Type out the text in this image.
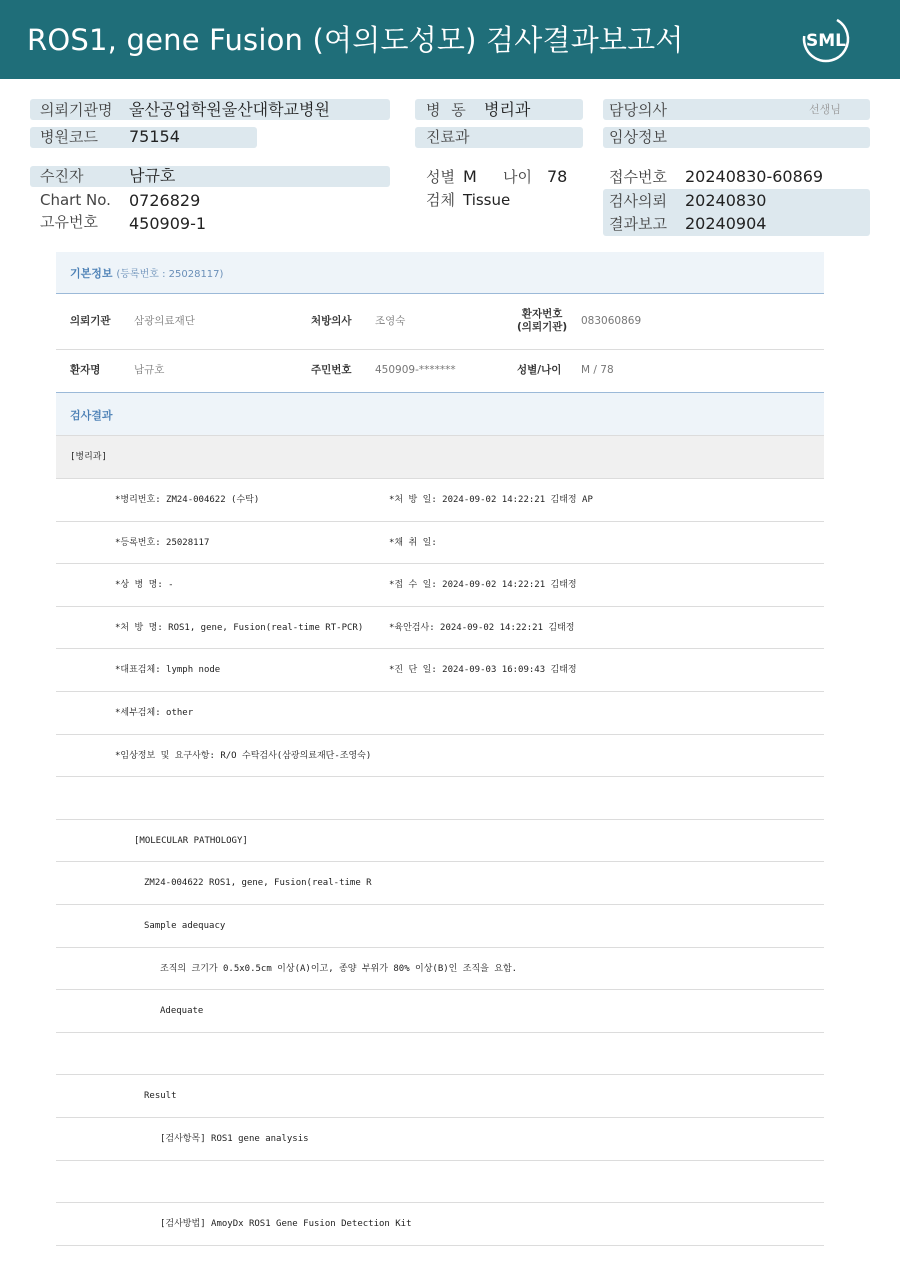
ROS1, gene Fusion (여의도성모) 검사결과보고서	SML
의뢰기관명 울산공업학원울산대학교병원
병원코드 75154
병 동 병리과
진료과
담당의사	선생님
임상정보
수진자	남규호
Chart No. 0726829
고유번호 450909-1
성별 M 나이 78
검체 Tissue
접수번호 20240830-60869
검사의뢰 20240830
결과보고 20240904
기본정보 (등록번호 : 25028117)
의뢰기관 삼광의료재단	처방의사 조영숙
환자번호
(의뢰기관) 083060869
환자명	남규호	주민번호 450909-*******	성별/나이 M / 78
검사결과
[병리과]
*병리번호: ZM24-004622 (수탁)	*처 방 일: 2024-09-02 14:22:21 김태정 AP
*등록번호: 25028117	*채 취 일:
*상 병 명: -	*접 수 일: 2024-09-02 14:22:21 김태정
*처 방 명: ROS1, gene, Fusion(real-time RT-PCR)	*육안검사: 2024-09-02 14:22:21 김태정
*대표검체: lymph node	*진 단 일: 2024-09-03 16:09:43 김태정
*세부검체: other
*임상정보 및 요구사항: R/O 수탁검사(삼광의료재단-조영숙)
[MOLECULAR PATHOLOGY]
ZM24-004622 ROS1, gene, Fusion(real-time R
Sample adequacy
조직의 크기가 0.5x0.5cm 이상(A)이고, 종양 부위가 80% 이상(B)인 조직을 요함.
Adequate
Result
[검사항목] ROS1 gene analysis
[검사방법] AmoyDx ROS1 Gene Fusion Detection Kit
